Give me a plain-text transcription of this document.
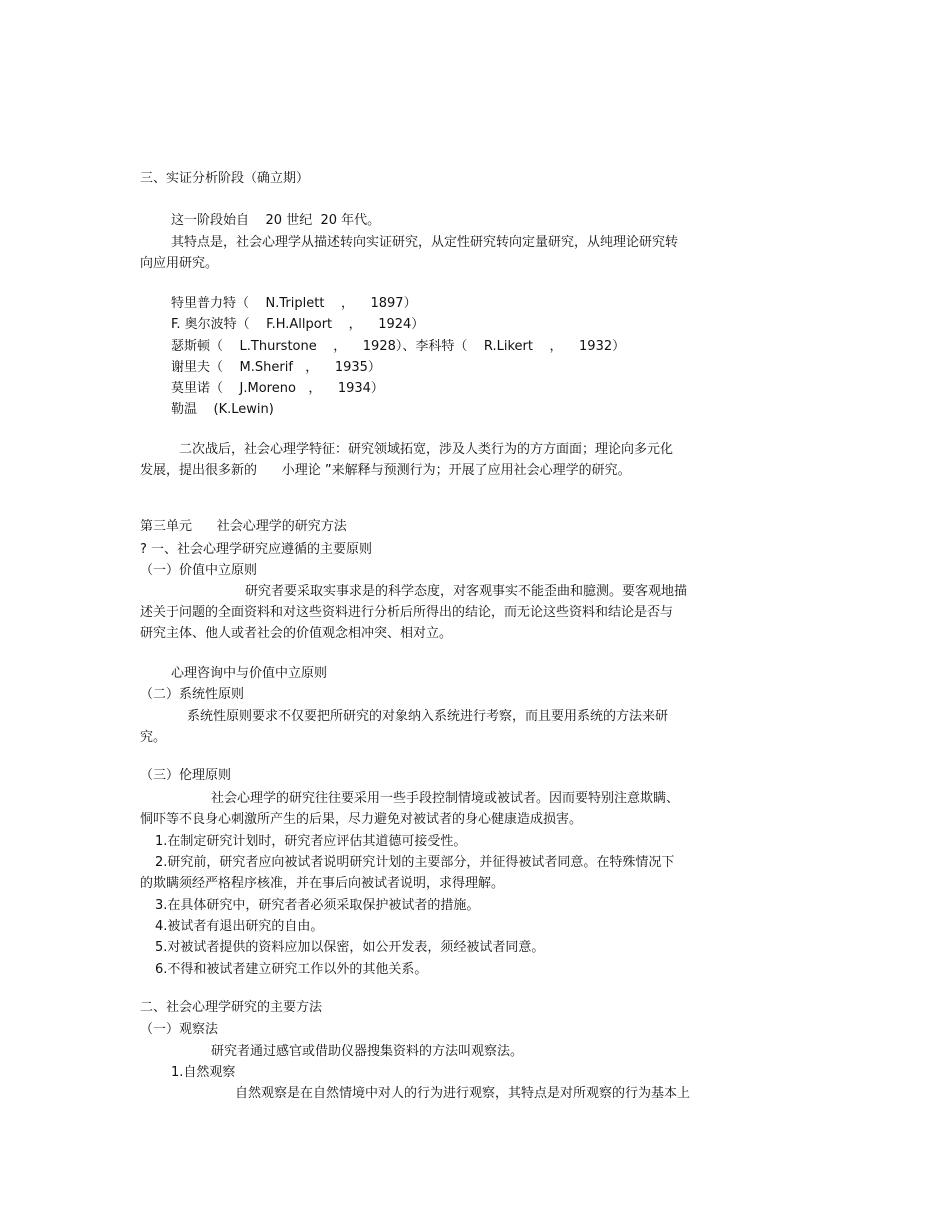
三、实证分析阶段（确立期）
这一阶段始自    20 世纪  20 年代。
其特点是，社会心理学从描述转向实证研究，从定性研究转向定量研究，从纯理论研究转
向应用研究。
特里普力特（    N.Triplett    ，    1897）
F. 奥尔波特（    F.H.Allport    ，    1924）
瑟斯顿（    L.Thurstone    ，    1928）、李科特（    R.Likert    ，    1932）
谢里夫（    M.Sherif   ，    1935）
莫里诺（    J.Moreno   ，    1934）
勒温    (K.Lewin)
二次战后，社会心理学特征：研究领域拓宽，涉及人类行为的方方面面；理论向多元化
发展，提出很多新的      小理论 ”来解释与预测行为；开展了应用社会心理学的研究。
第三单元      社会心理学的研究方法
? 一、社会心理学研究应遵循的主要原则
（一）价值中立原则
研究者要采取实事求是的科学态度，对客观事实不能歪曲和臆测。要客观地描
述关于问题的全面资料和对这些资料进行分析后所得出的结论，而无论这些资料和结论是否与
研究主体、他人或者社会的价值观念相冲突、相对立。
心理咨询中与价值中立原则
（二）系统性原则
系统性原则要求不仅要把所研究的对象纳入系统进行考察，而且要用系统的方法来研
究。
（三）伦理原则
社会心理学的研究往往要采用一些手段控制情境或被试者。因而要特别注意欺瞒、
恫吓等不良身心刺激所产生的后果，尽力避免对被试者的身心健康造成损害。
1.在制定研究计划时，研究者应评估其道德可接受性。
2.研究前，研究者应向被试者说明研究计划的主要部分，并征得被试者同意。在特殊情况下
的欺瞒须经严格程序核准，并在事后向被试者说明，求得理解。
3.在具体研究中，研究者者必须采取保护被试者的措施。
4.被试者有退出研究的自由。
5.对被试者提供的资料应加以保密，如公开发表，须经被试者同意。
6.不得和被试者建立研究工作以外的其他关系。
二、社会心理学研究的主要方法
（一）观察法
研究者通过感官或借助仪器搜集资料的方法叫观察法。
1.自然观察
自然观察是在自然情境中对人的行为进行观察，其特点是对所观察的行为基本上
